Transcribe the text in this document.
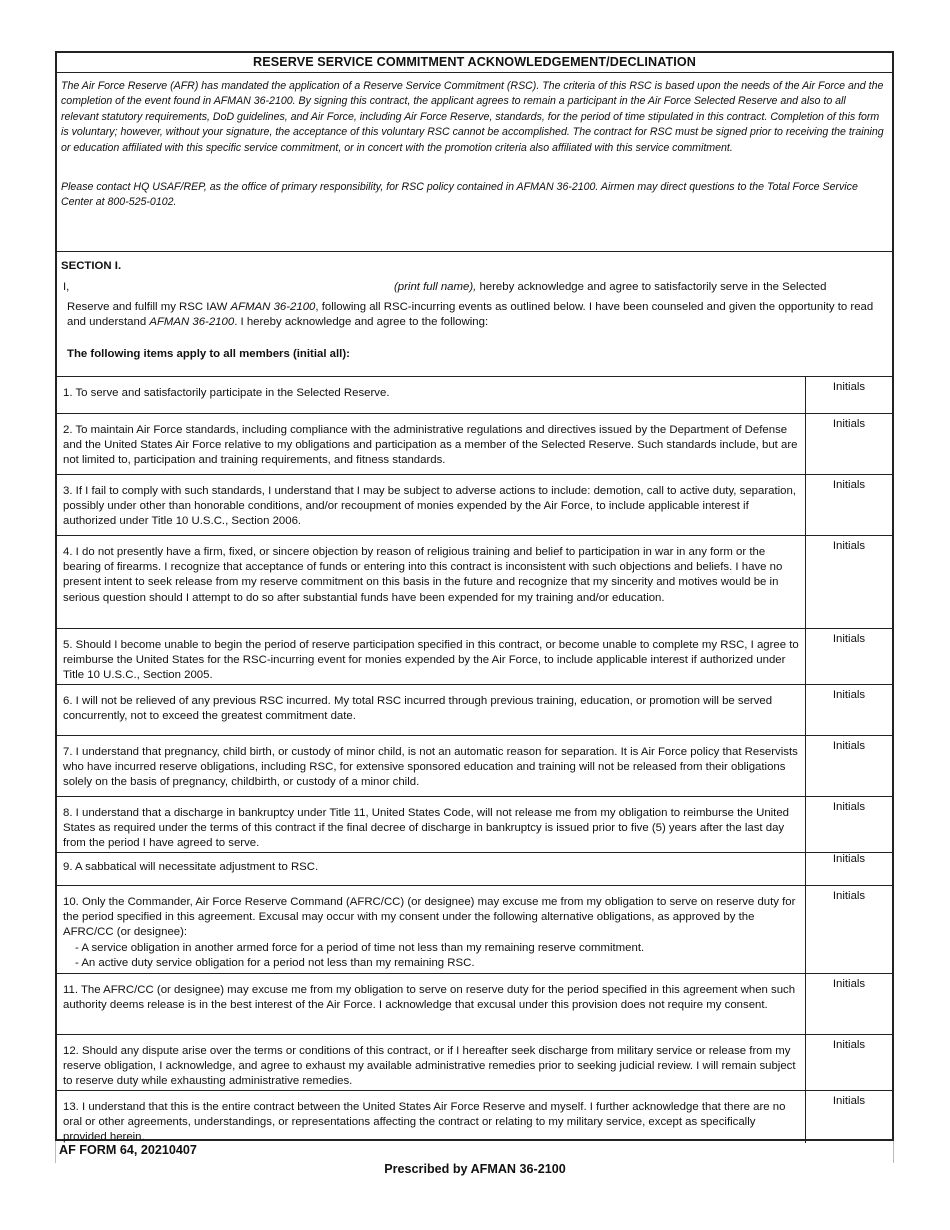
RESERVE SERVICE COMMITMENT ACKNOWLEDGEMENT/DECLINATION

The Air Force Reserve (AFR) has mandated the application of a Reserve Service Commitment (RSC). The criteria of this RSC is based upon the needs of the Air Force and the completion of the event found in AFMAN 36-2100. By signing this contract, the applicant agrees to remain a participant in the Air Force Selected Reserve and also to all relevant statutory requirements, DoD guidelines, and Air Force, including Air Force Reserve, standards, for the period of time stipulated in this contract. Completion of this form is voluntary; however, without your signature, the acceptance of this voluntary RSC cannot be accomplished. The contract for RSC must be signed prior to receiving the training or education affiliated with this specific service commitment, or in concert with the promotion criteria also affiliated with this service commitment.

Please contact HQ USAF/REP, as the office of primary responsibility, for RSC policy contained in AFMAN 36-2100. Airmen may direct questions to the Total Force Service Center at 800-525-0102.

SECTION I.
I,	(print full name), hereby acknowledge and agree to satisfactorily serve in the Selected
Reserve and fulfill my RSC IAW AFMAN 36-2100, following all RSC-incurring events as outlined below. I have been counseled and given the opportunity to read and understand AFMAN 36-2100. I hereby acknowledge and agree to the following:
The following items apply to all members (initial all):
1. To serve and satisfactorily participate in the Selected Reserve.	Initials
2. To maintain Air Force standards, including compliance with the administrative regulations and directives issued by the Department of Defense and the United States Air Force relative to my obligations and participation as a member of the Selected Reserve. Such standards include, but are not limited to, participation and training requirements, and fitness standards.
Initials
3. If I fail to comply with such standards, I understand that I may be subject to adverse actions to include: demotion, call to active duty, separation, possibly under other than honorable conditions, and/or recoupment of monies expended by the Air Force, to include applicable interest if authorized under Title 10 U.S.C., Section 2006.
Initials
4. I do not presently have a firm, fixed, or sincere objection by reason of religious training and belief to participation in war in any form or the bearing of firearms. I recognize that acceptance of funds or entering into this contract is inconsistent with such objections and beliefs. I have no present intent to seek release from my reserve commitment on this basis in the future and recognize that my sincerity and motives would be in serious question should I attempt to do so after substantial funds have been expended for my training and/or education.
Initials
5. Should I become unable to begin the period of reserve participation specified in this contract, or become unable to complete my RSC, I agree to reimburse the United States for the RSC-incurring event for monies expended by the Air Force, to include applicable interest if authorized under Title 10 U.S.C., Section 2005.
Initials
6. I will not be relieved of any previous RSC incurred. My total RSC incurred through previous training, education, or promotion will be served concurrently, not to exceed the greatest commitment date.
Initials
7. I understand that pregnancy, child birth, or custody of minor child, is not an automatic reason for separation. It is Air Force policy that Reservists who have incurred reserve obligations, including RSC, for extensive sponsored education and training will not be released from their obligations solely on the basis of pregnancy, childbirth, or custody of a minor child.
Initials
8. I understand that a discharge in bankruptcy under Title 11, United States Code, will not release me from my obligation to reimburse the United States as required under the terms of this contract if the final decree of discharge in bankruptcy is issued prior to five (5) years after the last day from the period I have agreed to serve.
Initials
9. A sabbatical will necessitate adjustment to RSC.
Initials
10. Only the Commander, Air Force Reserve Command (AFRC/CC) (or designee) may excuse me from my obligation to serve on reserve duty for the period specified in this agreement. Excusal may occur with my consent under the following alternative obligations, as approved by the AFRC/CC (or designee):
- A service obligation in another armed force for a period of time not less than my remaining reserve commitment.
- An active duty service obligation for a period not less than my remaining RSC.
Initials
11. The AFRC/CC (or designee) may excuse me from my obligation to serve on reserve duty for the period specified in this agreement when such authority deems release is in the best interest of the Air Force. I acknowledge that excusal under this provision does not require my consent.
Initials
12. Should any dispute arise over the terms or conditions of this contract, or if I hereafter seek discharge from military service or release from my reserve obligation, I acknowledge, and agree to exhaust my available administrative remedies prior to seeking judicial review. I will remain subject to reserve duty while exhausting administrative remedies.
Initials
13. I understand that this is the entire contract between the United States Air Force Reserve and myself. I further acknowledge that there are no oral or other agreements, understandings, or representations affecting the contract or relating to my military service, except as specifically provided herein.
Initials
AF FORM 64, 20210407
Prescribed by AFMAN 36-2100
